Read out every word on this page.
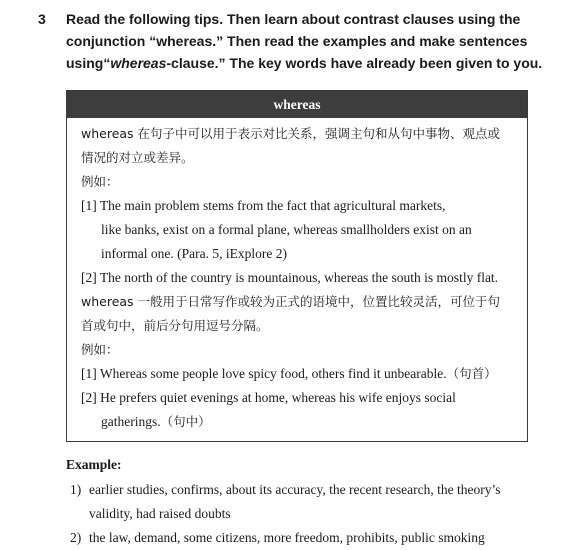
3 Read the following tips. Then learn about contrast clauses using the
conjunction “whereas.” Then read the examples and make sentences
using“whereas-clause.” The key words have already been given to you.
whereas
whereas 在句子中可以用于表示对比关系，强调主句和从句中事物、观点或
情况的对立或差异。
例如：
[1] The main problem stems from the fact that agricultural markets,
like banks, exist on a formal plane, whereas smallholders exist on an
informal one. (Para. 5, iExplore 2)
[2] The north of the country is mountainous, whereas the south is mostly flat.
whereas 一般用于日常写作或较为正式的语境中，位置比较灵活，可位于句
首或句中，前后分句用逗号分隔。
例如：
[1] Whereas some people love spicy food, others find it unbearable.（句首）
[2] He prefers quiet evenings at home, whereas his wife enjoys social
gatherings.（句中）
Example:
1) earlier studies, confirms, about its accuracy, the recent research, the theory’s
validity, had raised doubts
2) the law, demand, some citizens, more freedom, prohibits, public smoking
